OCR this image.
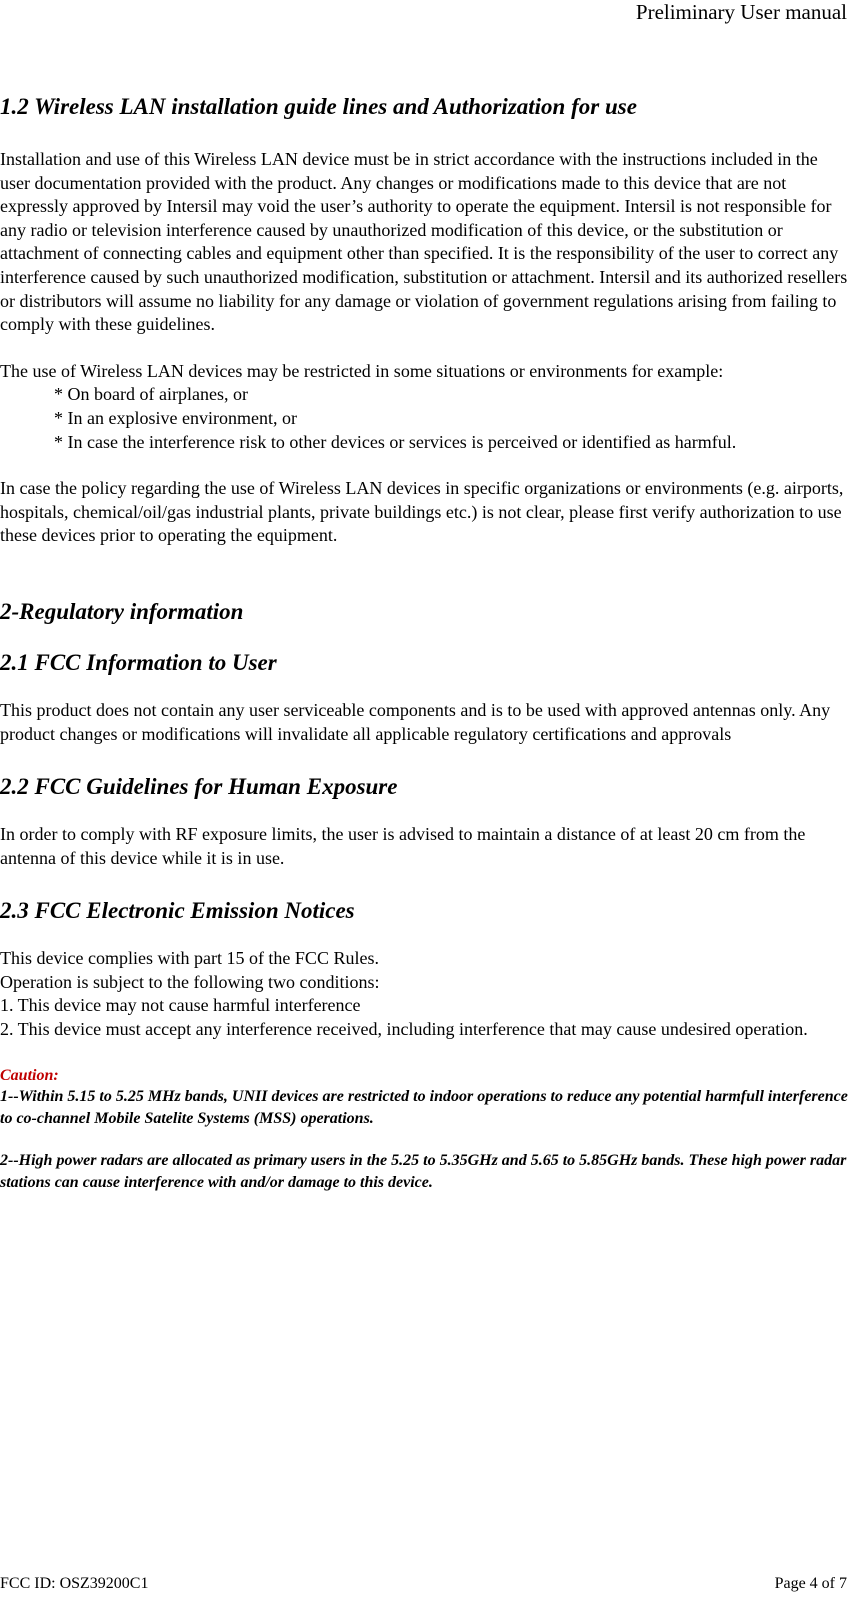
Preliminary User manual
1.2 Wireless LAN installation guide lines and Authorization for use

Installation and use of this Wireless LAN device must be in strict accordance with the instructions included in the user documentation provided with the product. Any changes or modifications made to this device that are not expressly approved by Intersil may void the user’s authority to operate the equipment. Intersil is not responsible for any radio or television interference caused by unauthorized modification of this device, or the substitution or attachment of connecting cables and equipment other than specified. It is the responsibility of the user to correct any interference caused by such unauthorized modification, substitution or attachment. Intersil and its authorized resellers or distributors will assume no liability for any damage or violation of government regulations arising from failing to comply with these guidelines.

The use of Wireless LAN devices may be restricted in some situations or environments for example:

* On board of airplanes, or
* In an explosive environment, or
* In case the interference risk to other devices or services is perceived or identified as harmful.

In case the policy regarding the use of Wireless LAN devices in specific organizations or environments (e.g. airports, hospitals, chemical/oil/gas industrial plants, private buildings etc.) is not clear, please first verify authorization to use these devices prior to operating the equipment.

2-Regulatory information
2.1 FCC Information to User

This product does not contain any user serviceable components and is to be used with approved antennas only. Any product changes or modifications will invalidate all applicable regulatory certifications and approvals

2.2 FCC Guidelines for Human Exposure

In order to comply with RF exposure limits, the user is advised to maintain a distance of at least 20 cm from the antenna of this device while it is in use.

2.3 FCC Electronic Emission Notices

This device complies with part 15 of the FCC Rules.

Operation is subject to the following two conditions:

1. This device may not cause harmful interference

2. This device must accept any interference received, including interference that may cause undesired operation.

Caution:

1--Within 5.15 to 5.25 MHz bands, UNII devices are restricted to indoor operations to reduce any potential harmfull interference to co-channel Mobile Satelite Systems (MSS) operations.

2--High power radars are allocated as primary users in the 5.25 to 5.35GHz and 5.65 to 5.85GHz bands. These high power radar stations can cause interference with and/or damage to this device.

FCC ID: OSZ39200C1	Page 4 of 7
